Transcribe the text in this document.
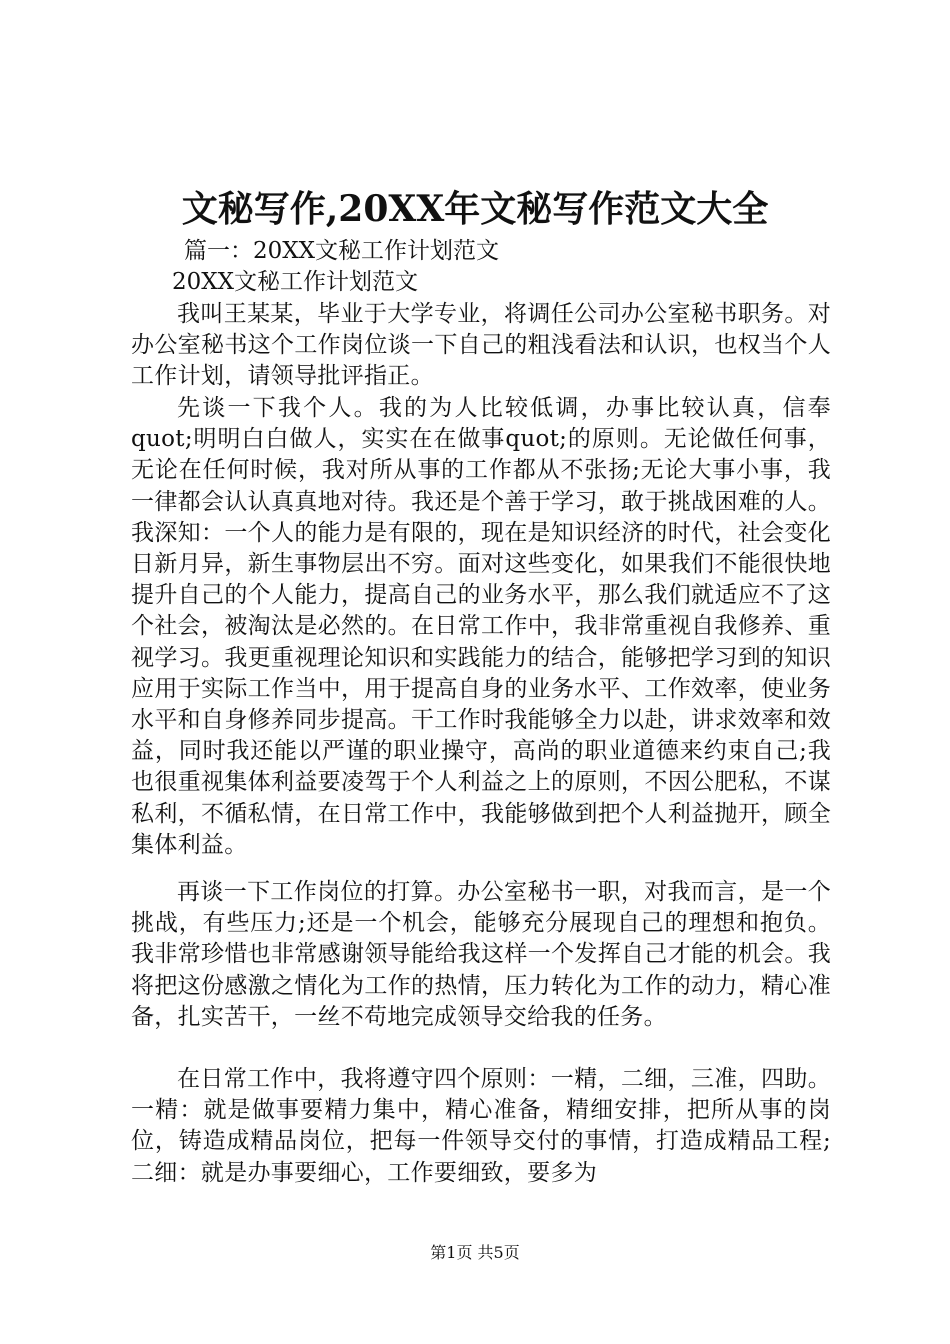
文秘写作,20XX年文秘写作范文大全
篇一：20XX文秘工作计划范文
20XX文秘工作计划范文

我叫王某某，毕业于大学专业，将调任公司办公室秘书职务。对办公室秘书这个工作岗位谈一下自己的粗浅看法和认识，也权当个人工作计划，请领导批评指正。

先谈一下我个人。我的为人比较低调，办事比较认真，信奉quot;明明白白做人，实实在在做事quot;的原则。无论做任何事，无论在任何时候，我对所从事的工作都从不张扬;无论大事小事，我一律都会认认真真地对待。我还是个善于学习，敢于挑战困难的人。我深知：一个人的能力是有限的，现在是知识经济的时代，社会变化日新月异，新生事物层出不穷。面对这些变化，如果我们不能很快地提升自己的个人能力，提高自己的业务水平，那么我们就适应不了这个社会，被淘汰是必然的。在日常工作中，我非常重视自我修养、重视学习。我更重视理论知识和实践能力的结合，能够把学习到的知识应用于实际工作当中，用于提高自身的业务水平、工作效率，使业务水平和自身修养同步提高。干工作时我能够全力以赴，讲求效率和效益，同时我还能以严谨的职业操守，高尚的职业道德来约束自己;我也很重视集体利益要凌驾于个人利益之上的原则，不因公肥私，不谋私利，不循私情，在日常工作中，我能够做到把个人利益抛开，顾全集体利益。

再谈一下工作岗位的打算。办公室秘书一职，对我而言，是一个挑战，有些压力;还是一个机会，能够充分展现自己的理想和抱负。我非常珍惜也非常感谢领导能给我这样一个发挥自己才能的机会。我将把这份感激之情化为工作的热情，压力转化为工作的动力，精心准备，扎实苦干，一丝不苟地完成领导交给我的任务。

在日常工作中，我将遵守四个原则：一精，二细，三准，四助。一精：就是做事要精力集中，精心准备，精细安排，把所从事的岗位，铸造成精品岗位，把每一件领导交付的事情，打造成精品工程;二细：就是办事要细心，工作要细致，要多为

第1页 共5页
